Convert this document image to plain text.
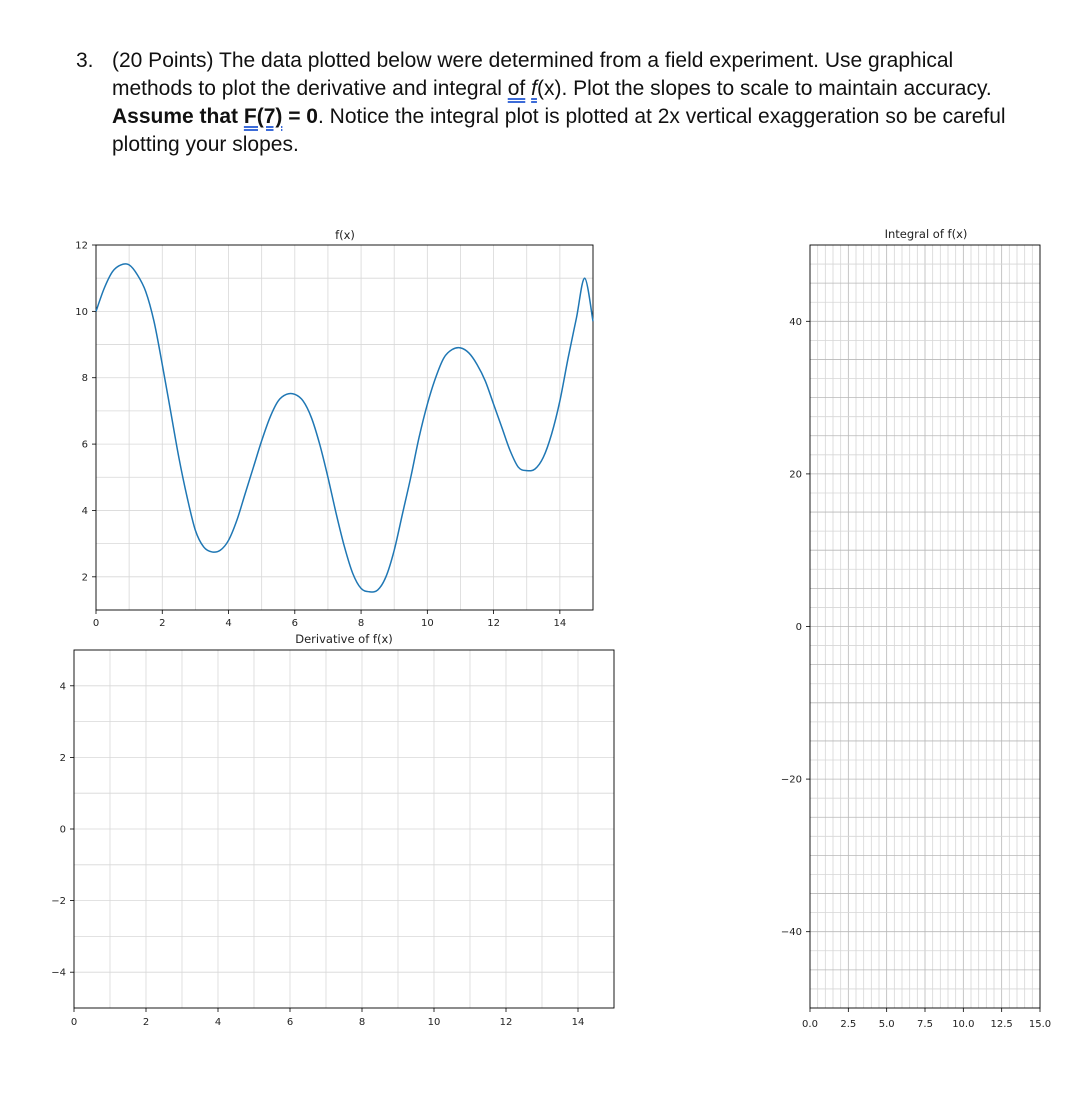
3. (20 Points) The data plotted below were determined from a field experiment. Use graphical methods to plot the derivative and integral of f(x). Plot the slopes to scale to maintain accuracy. Assume that F(7) = 0. Notice the integral plot is plotted at 2x vertical exaggeration so be careful plotting your slopes.
0	2	4	6	8	10	12	14
2
4
6
8
10
12
f(x)
0	2	4	6	8	10	12	14
4
2
0
−2
−4
Derivative of f(x)
0.0 2.5 5.0 7.5 10.0 12.5 15.0
40
20
0
−20
−40
Integral of f(x)
